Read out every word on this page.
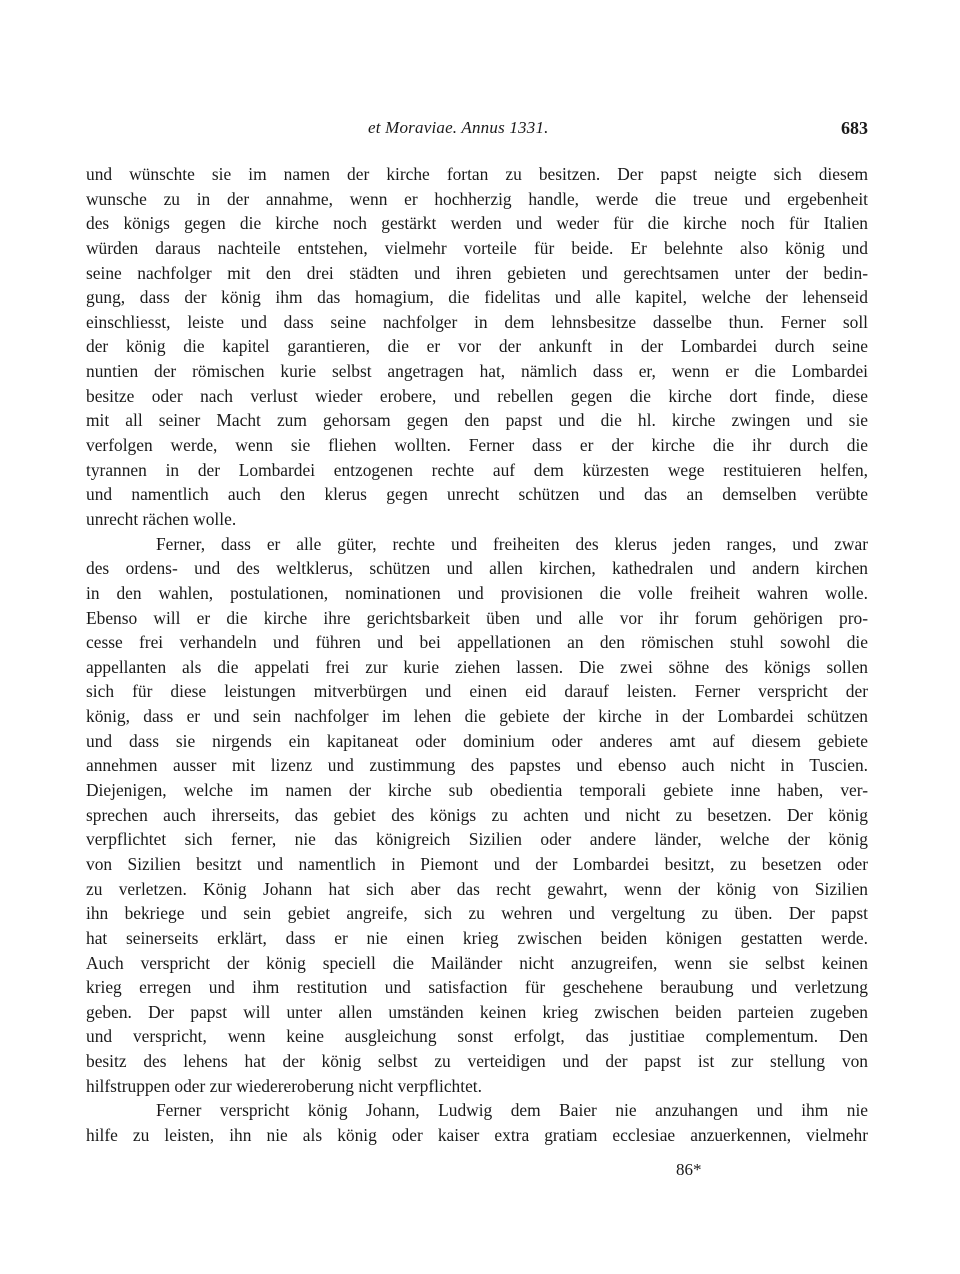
et Moraviae. Annus 1331.	683
und wünschte sie im namen der kirche fortan zu besitzen. Der papst neigte sich diesem
wunsche zu in der annahme, wenn er hochherzig handle, werde die treue und ergebenheit
des königs gegen die kirche noch gestärkt werden und weder für die kirche noch für Italien
würden daraus nachteile entstehen, vielmehr vorteile für beide. Er belehnte also könig und
seine nachfolger mit den drei städten und ihren gebieten und gerechtsamen unter der bedin-
gung, dass der könig ihm das homagium, die fidelitas und alle kapitel, welche der lehenseid
einschliesst, leiste und dass seine nachfolger in dem lehnsbesitze dasselbe thun. Ferner soll
der könig die kapitel garantieren, die er vor der ankunft in der Lombardei durch seine
nuntien der römischen kurie selbst angetragen hat, nämlich dass er, wenn er die Lombardei
besitze oder nach verlust wieder erobere, und rebellen gegen die kirche dort finde, diese
mit all seiner Macht zum gehorsam gegen den papst und die hl. kirche zwingen und sie
verfolgen werde, wenn sie fliehen wollten. Ferner dass er der kirche die ihr durch die
tyrannen in der Lombardei entzogenen rechte auf dem kürzesten wege restituieren helfen,
und namentlich auch den klerus gegen unrecht schützen und das an demselben verübte
unrecht rächen wolle.
Ferner, dass er alle güter, rechte und freiheiten des klerus jeden ranges, und zwar
des ordens- und des weltklerus, schützen und allen kirchen, kathedralen und andern kirchen
in den wahlen, postulationen, nominationen und provisionen die volle freiheit wahren wolle.
Ebenso will er die kirche ihre gerichtsbarkeit üben und alle vor ihr forum gehörigen pro-
cesse frei verhandeln und führen und bei appellationen an den römischen stuhl sowohl die
appellanten als die appelati frei zur kurie ziehen lassen. Die zwei söhne des königs sollen
sich für diese leistungen mitverbürgen und einen eid darauf leisten. Ferner verspricht der
könig, dass er und sein nachfolger im lehen die gebiete der kirche in der Lombardei schützen
und dass sie nirgends ein kapitaneat oder dominium oder anderes amt auf diesem gebiete
annehmen ausser mit lizenz und zustimmung des papstes und ebenso auch nicht in Tuscien.
Diejenigen, welche im namen der kirche sub obedientia temporali gebiete inne haben, ver-
sprechen auch ihrerseits, das gebiet des königs zu achten und nicht zu besetzen. Der könig
verpflichtet sich ferner, nie das königreich Sizilien oder andere länder, welche der könig
von Sizilien besitzt und namentlich in Piemont und der Lombardei besitzt, zu besetzen oder
zu verletzen. König Johann hat sich aber das recht gewahrt, wenn der könig von Sizilien
ihn bekriege und sein gebiet angreife, sich zu wehren und vergeltung zu üben. Der papst
hat seinerseits erklärt, dass er nie einen krieg zwischen beiden königen gestatten werde.
Auch verspricht der könig speciell die Mailänder nicht anzugreifen, wenn sie selbst keinen
krieg erregen und ihm restitution und satisfaction für geschehene beraubung und verletzung
geben. Der papst will unter allen umständen keinen krieg zwischen beiden parteien zugeben
und verspricht, wenn keine ausgleichung sonst erfolgt, das justitiae complementum. Den
besitz des lehens hat der könig selbst zu verteidigen und der papst ist zur stellung von
hilfstruppen oder zur wiedereroberung nicht verpflichtet.
Ferner verspricht könig Johann, Ludwig dem Baier nie anzuhangen und ihm nie
hilfe zu leisten, ihn nie als könig oder kaiser extra gratiam ecclesiae anzuerkennen, vielmehr
86*
